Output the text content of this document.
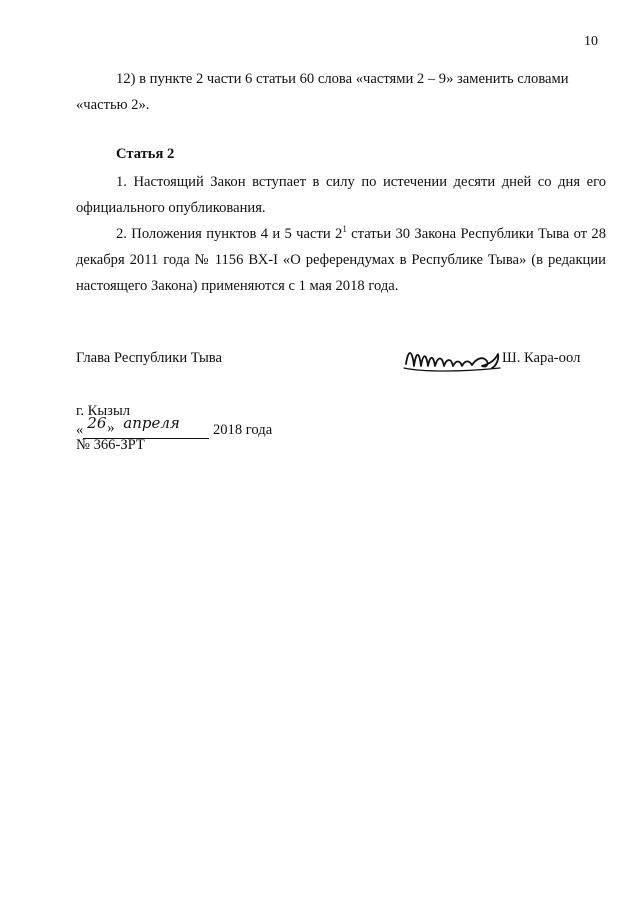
10

12) в пункте 2 части 6 статьи 60 слова «частями 2 – 9» заменить словами

«частью 2».

Статья 2

1. Настоящий Закон вступает в силу по истечении десяти дней со дня его официального опубликования.

2. Положения пунктов 4 и 5 части $2^1$ статьи 30 Закона Республики Тыва от 28 декабря 2011 года № 1156 ВХ-I «О референдумах в Республике Тыва» (в редакции настоящего Закона) применяются с 1 мая 2018 года.

Глава Республики Тыва	Ш. Кара-оол
г. Кызыл
« 26 » апреля 2018 года
№ 366-ЗРТ
